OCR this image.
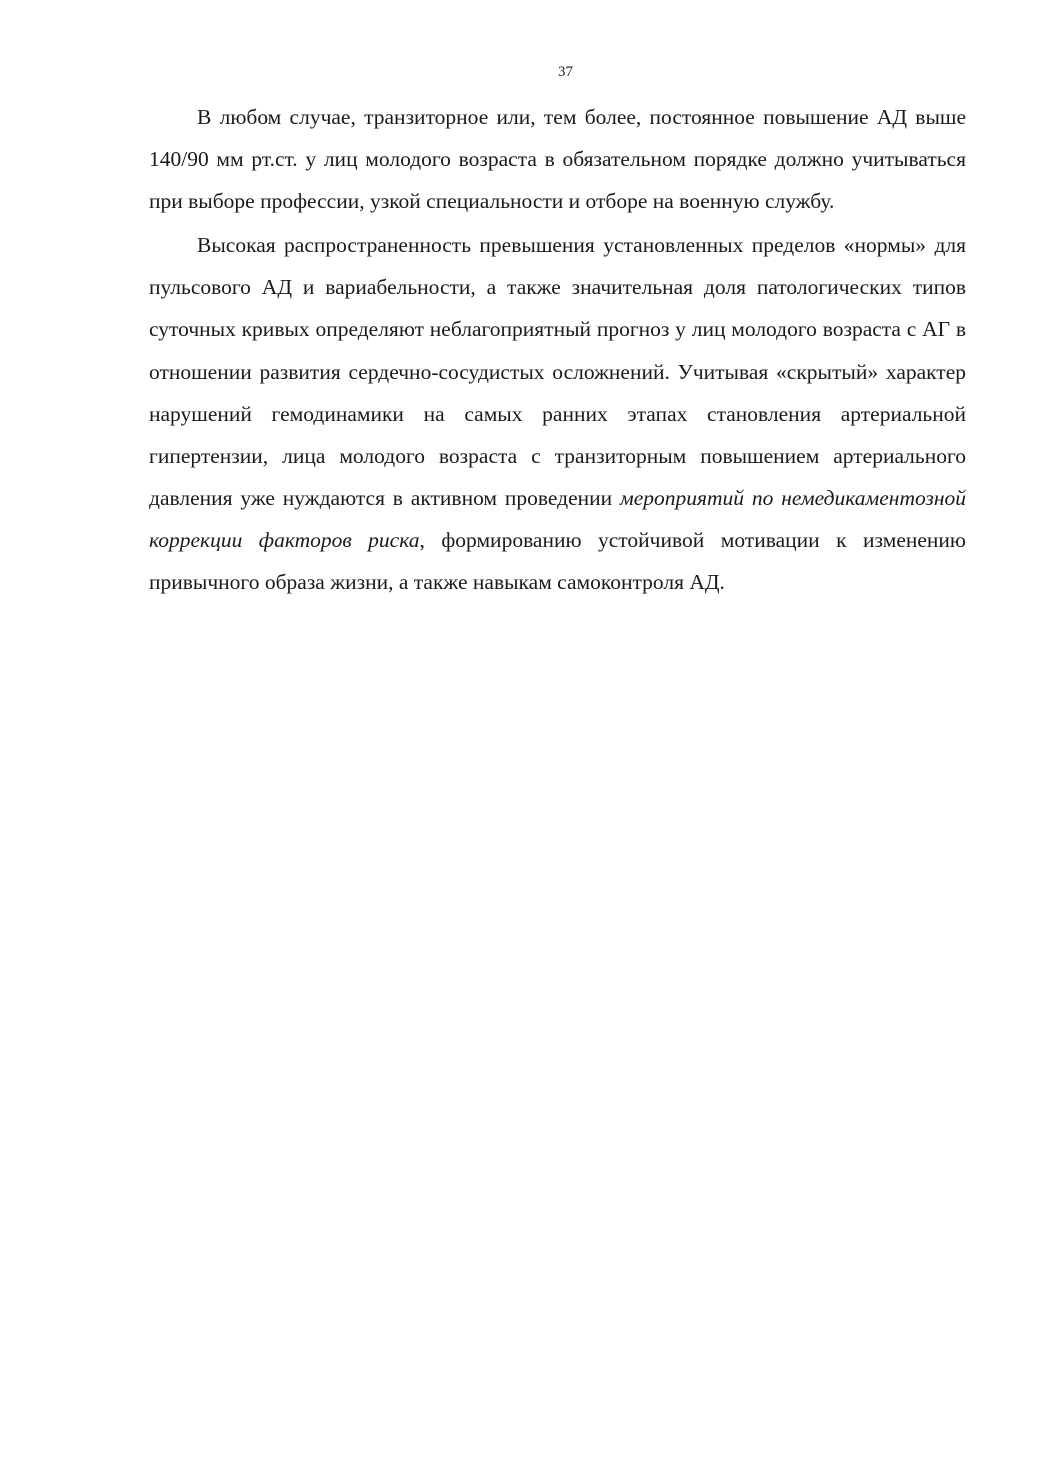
37

В любом случае, транзиторное или, тем более, постоянное повышение АД выше 140/90 мм рт.ст. у лиц молодого возраста в обязательном порядке должно учитываться при выборе профессии, узкой специальности и отборе на военную службу.

Высокая распространенность превышения установленных пределов «нормы» для пульсового АД и вариабельности, а также значительная доля патологических типов суточных кривых определяют неблагоприятный прогноз у лиц молодого возраста с АГ в отношении развития сердечно-сосудистых осложнений. Учитывая «скрытый» характер нарушений гемодинамики на самых ранних этапах становления артериальной гипертензии, лица молодого возраста с транзиторным повышением артериального давления уже нуждаются в активном проведении мероприятий по немедикаментозной коррекции факторов риска, формированию устойчивой мотивации к изменению привычного образа жизни, а также навыкам самоконтроля АД.
